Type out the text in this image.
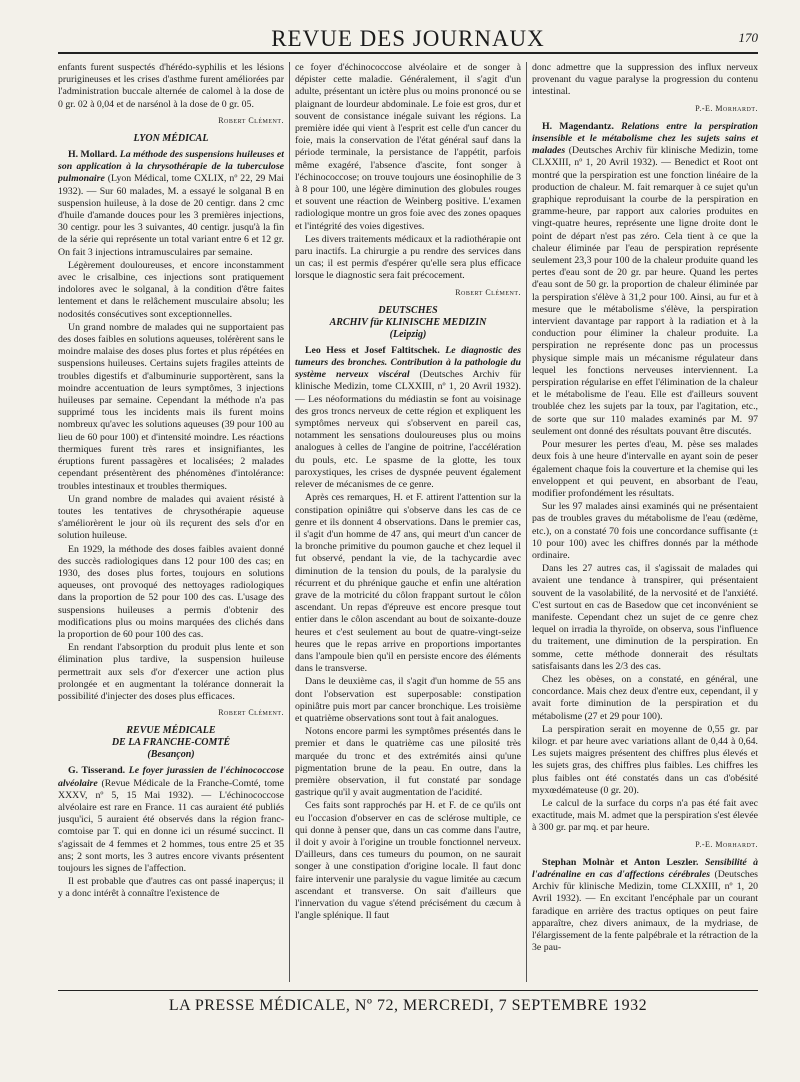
REVUE DES JOURNAUX	170

enfants furent suspectés d'hérédo-syphilis et les lésions prurigineuses et les crises d'asthme furent améliorées par l'administration buccale alternée de calomel à la dose de 0 gr. 02 à 0,04 et de narsénol à la dose de 0 gr. 05.

Robert Clément.
LYON MÉDICAL

H. Mollard. La méthode des suspensions huileuses et son application à la chrysothérapie de la tuberculose pulmonaire (Lyon Médical, tome CXLIX, nº 22, 29 Mai 1932). — Sur 60 malades, M. a essayé le solganal B en suspension huileuse, à la dose de 20 centigr. dans 2 cmc d'huile d'amande douces pour les 3 premières injections, 30 centigr. pour les 3 suivantes, 40 centigr. jusqu'à la fin de la série qui représente un total variant entre 6 et 12 gr. On fait 3 injections intramusculaires par semaine.

Légèrement douloureuses, et encore inconstamment avec le crisalbine, ces injections sont pratiquement indolores avec le solganal, à la condition d'être faites lentement et dans le relâchement musculaire absolu; les nodosités consécutives sont exceptionnelles.

Un grand nombre de malades qui ne supportaient pas des doses faibles en solutions aqueuses, tolérèrent sans le moindre malaise des doses plus fortes et plus répétées en suspensions huileuses. Certains sujets fragiles atteints de troubles digestifs et d'albuminurie supportèrent, sans la moindre accentuation de leurs symptômes, 3 injections huileuses par semaine. Cependant la méthode n'a pas supprimé tous les incidents mais ils furent moins nombreux qu'avec les solutions aqueuses (39 pour 100 au lieu de 60 pour 100) et d'intensité moindre. Les réactions thermiques furent très rares et insignifiantes, les éruptions furent passagères et localisées; 2 malades cependant présentèrent des phénomènes d'intolérance: troubles intestinaux et troubles thermiques.

Un grand nombre de malades qui avaient résisté à toutes les tentatives de chrysothérapie aqueuse s'améliorèrent le jour où ils reçurent des sels d'or en solution huileuse.

En 1929, la méthode des doses faibles avaient donné des succès radiologiques dans 12 pour 100 des cas; en 1930, des doses plus fortes, toujours en solutions aqueuses, ont provoqué des nettoyages radiologiques dans la proportion de 52 pour 100 des cas. L'usage des suspensions huileuses a permis d'obtenir des modifications plus ou moins marquées des clichés dans la proportion de 60 pour 100 des cas.

En rendant l'absorption du produit plus lente et son élimination plus tardive, la suspension huileuse permettrait aux sels d'or d'exercer une action plus prolongée et en augmentant la tolérance donnerait la possibilité d'injecter des doses plus efficaces.

Robert Clément.
REVUE MÉDICALE
DE LA FRANCHE-COMTÉ
(Besançon)

G. Tisserand. Le foyer jurassien de l'échinococcose alvéolaire (Revue Médicale de la Franche-Comté, tome XXXV, nº 5, 15 Mai 1932). — L'échinococcose alvéolaire est rare en France. 11 cas auraient été publiés jusqu'ici, 5 auraient été observés dans la région franc-comtoise par T. qui en donne ici un résumé succinct. Il s'agissait de 4 femmes et 2 hommes, tous entre 25 et 35 ans; 2 sont morts, les 3 autres encore vivants présentent toujours les signes de l'affection.

Il est probable que d'autres cas ont passé inaperçus; il y a donc intérêt à connaître l'existence de

ce foyer d'échinococcose alvéolaire et de songer à dépister cette maladie. Généralement, il s'agit d'un adulte, présentant un ictère plus ou moins prononcé ou se plaignant de lourdeur abdominale. Le foie est gros, dur et souvent de consistance inégale suivant les régions. La première idée qui vient à l'esprit est celle d'un cancer du foie, mais la conservation de l'état général sauf dans la période terminale, la persistance de l'appétit, parfois même exagéré, l'absence d'ascite, font songer à l'échinococcose; on trouve toujours une éosinophilie de 3 à 8 pour 100, une légère diminution des globules rouges et souvent une réaction de Weinberg positive. L'examen radiologique montre un gros foie avec des zones opaques et l'intégrité des voies digestives.

Les divers traitements médicaux et la radiothérapie ont paru inactifs. La chirurgie a pu rendre des services dans un cas; il est permis d'espérer qu'elle sera plus efficace lorsque le diagnostic sera fait précocement.

Robert Clément.
DEUTSCHES
ARCHIV für KLINISCHE MEDIZIN
(Leipzig)

Leo Hess et Josef Faltitschek. Le diagnostic des tumeurs des bronches. Contribution à la pathologie du système nerveux viscéral (Deutsches Archiv für klinische Medizin, tome CLXXIII, nº 1, 20 Avril 1932). — Les néoformations du médiastin se font au voisinage des gros troncs nerveux de cette région et expliquent les symptômes nerveux qui s'observent en pareil cas, notamment les sensations douloureuses plus ou moins analogues à celles de l'angine de poitrine, l'accélération du pouls, etc. Le spasme de la glotte, les toux paroxystiques, les crises de dyspnée peuvent également relever de mécanismes de ce genre.

Après ces remarques, H. et F. attirent l'attention sur la constipation opiniâtre qui s'observe dans les cas de ce genre et ils donnent 4 observations. Dans le premier cas, il s'agit d'un homme de 47 ans, qui meurt d'un cancer de la bronche primitive du poumon gauche et chez lequel il fut observé, pendant la vie, de la tachycardie avec diminution de la tension du pouls, de la paralysie du récurrent et du phrénique gauche et enfin une altération grave de la motricité du côlon frappant surtout le côlon ascendant. Un repas d'épreuve est encore presque tout entier dans le côlon ascendant au bout de soixante-douze heures et c'est seulement au bout de quatre-vingt-seize heures que le repas arrive en proportions importantes dans l'ampoule bien qu'il en persiste encore des éléments dans le transverse.

Dans le deuxième cas, il s'agit d'un homme de 55 ans dont l'observation est superposable: constipation opiniâtre puis mort par cancer bronchique. Les troisième et quatrième observations sont tout à fait analogues.

Notons encore parmi les symptômes présentés dans le premier et dans le quatrième cas une pilosité très marquée du tronc et des extrémités ainsi qu'une pigmentation brune de la peau. En outre, dans la première observation, il fut constaté par sondage gastrique qu'il y avait augmentation de l'acidité.

Ces faits sont rapprochés par H. et F. de ce qu'ils ont eu l'occasion d'observer en cas de sclérose multiple, ce qui donne à penser que, dans un cas comme dans l'autre, il doit y avoir à l'origine un trouble fonctionnel nerveux. D'ailleurs, dans ces tumeurs du poumon, on ne saurait songer à une constipation d'origine locale. Il faut donc faire intervenir une paralysie du vague limitée au cæcum ascendant et transverse. On sait d'ailleurs que l'innervation du vague s'étend précisément du cæcum à l'angle splénique. Il faut

donc admettre que la suppression des influx nerveux provenant du vague paralyse la progression du contenu intestinal.

P.-E. Morhardt.

H. Magendantz. Relations entre la perspiration insensible et le métabolisme chez les sujets sains et malades (Deutsches Archiv für klinische Medizin, tome CLXXIII, nº 1, 20 Avril 1932). — Benedict et Root ont montré que la perspiration est une fonction linéaire de la production de chaleur. M. fait remarquer à ce sujet qu'un graphique reproduisant la courbe de la perspiration en gramme-heure, par rapport aux calories produites en vingt-quatre heures, représente une ligne droite dont le point de départ n'est pas zéro. Cela tient à ce que la chaleur éliminée par l'eau de perspiration représente seulement 23,3 pour 100 de la chaleur produite quand les pertes d'eau sont de 20 gr. par heure. Quand les pertes d'eau sont de 50 gr. la proportion de chaleur éliminée par la perspiration s'élève à 31,2 pour 100. Ainsi, au fur et à mesure que le métabolisme s'élève, la perspiration intervient davantage par rapport à la radiation et à la conduction pour éliminer la chaleur produite. La perspiration ne représente donc pas un processus physique simple mais un mécanisme régulateur dans lequel les fonctions nerveuses interviennent. La perspiration régularise en effet l'élimination de la chaleur et le métabolisme de l'eau. Elle est d'ailleurs souvent troublée chez les sujets par la toux, par l'agitation, etc., de sorte que sur 110 malades examinés par M. 97 seulement ont donné des résultats pouvant être discutés.

Pour mesurer les pertes d'eau, M. pèse ses malades deux fois à une heure d'intervalle en ayant soin de peser également chaque fois la couverture et la chemise qui les enveloppent et qui peuvent, en absorbant de l'eau, modifier profondément les résultats.

Sur les 97 malades ainsi examinés qui ne présentaient pas de troubles graves du métabolisme de l'eau (œdème, etc.), on a constaté 70 fois une concordance suffisante (± 10 pour 100) avec les chiffres donnés par la méthode ordinaire.

Dans les 27 autres cas, il s'agissait de malades qui avaient une tendance à transpirer, qui présentaient souvent de la vasolabilité, de la nervosité et de l'anxiété. C'est surtout en cas de Basedow que cet inconvénient se manifeste. Cependant chez un sujet de ce genre chez lequel on irradia la thyroïde, on observa, sous l'influence du traitement, une diminution de la perspiration. En somme, cette méthode donnerait des résultats satisfaisants dans les 2/3 des cas.

Chez les obèses, on a constaté, en général, une concordance. Mais chez deux d'entre eux, cependant, il y avait forte diminution de la perspiration et du métabolisme (27 et 29 pour 100).

La perspiration serait en moyenne de 0,55 gr. par kilogr. et par heure avec variations allant de 0,44 à 0,64. Les sujets maigres présentent des chiffres plus élevés et les sujets gras, des chiffres plus faibles. Les chiffres les plus faibles ont été constatés dans un cas d'obésité myxœdémateuse (0 gr. 20).

Le calcul de la surface du corps n'a pas été fait avec exactitude, mais M. admet que la perspiration s'est élevée à 300 gr. par mq. et par heure.

P.-E. Morhardt.

Stephan Molnàr et Anton Leszler. Sensibilité à l'adrénaline en cas d'affections cérébrales (Deutsches Archiv für klinische Medizin, tome CLXXIII, nº 1, 20 Avril 1932). — En excitant l'encéphale par un courant faradique en arrière des tractus optiques on peut faire apparaître, chez divers animaux, de la mydriase, de l'élargissement de la fente palpébrale et la rétraction de la 3e pau-

LA PRESSE MÉDICALE, Nº 72, MERCREDI, 7 SEPTEMBRE 1932
